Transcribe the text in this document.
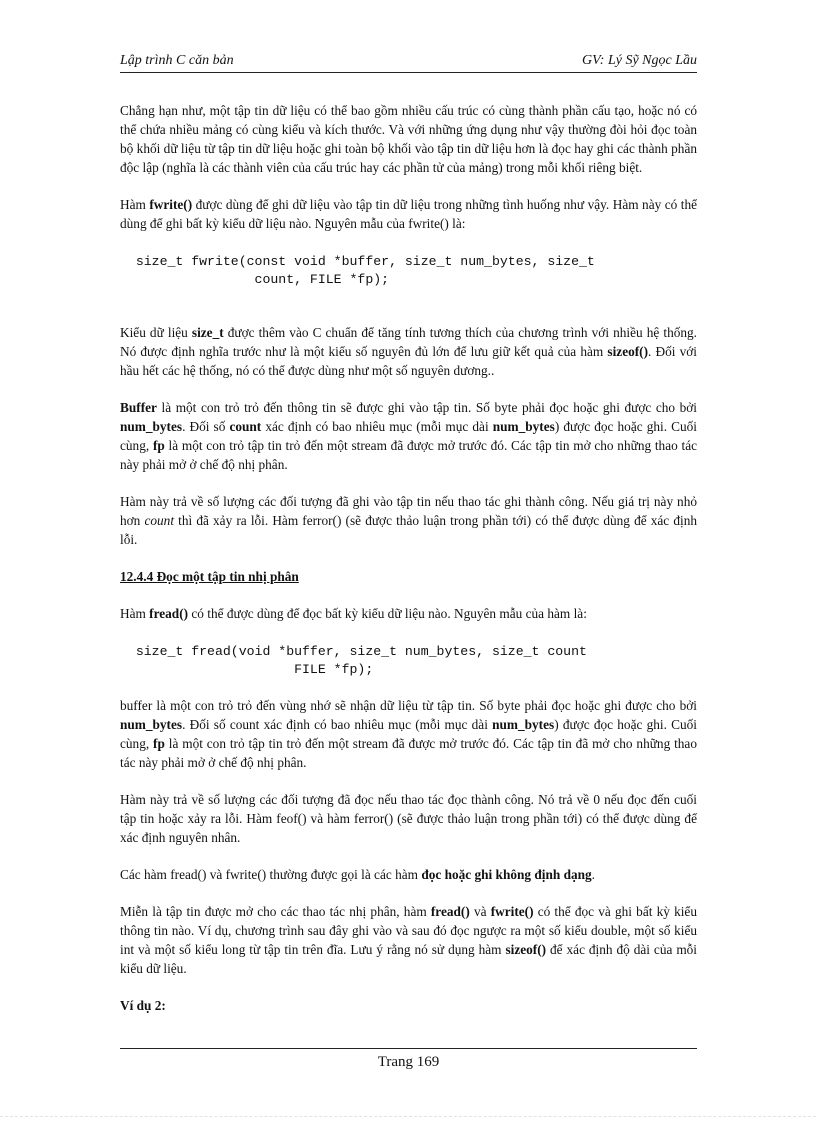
Lập trình C căn bản	GV: Lý Sỹ Ngọc Lầu

Chẳng hạn như, một tập tin dữ liệu có thể bao gồm nhiều cấu trúc có cùng thành phần cấu tạo, hoặc nó có thể chứa nhiều mảng có cùng kiểu và kích thước. Và với những ứng dụng như vậy thường đòi hỏi đọc toàn bộ khối dữ liệu từ tập tin dữ liệu hoặc ghi toàn bộ khối vào tập tin dữ liệu hơn là đọc hay ghi các thành phần độc lập (nghĩa là các thành viên của cấu trúc hay các phần tử của mảng) trong mỗi khối riêng biệt.

Hàm fwrite() được dùng để ghi dữ liệu vào tập tin dữ liệu trong những tình huống như vậy. Hàm này có thể dùng để ghi bất kỳ kiểu dữ liệu nào. Nguyên mẫu của fwrite() là:

size_t fwrite(const void *buffer, size_t num_bytes, size_t
count, FILE *fp);

Kiểu dữ liệu size_t được thêm vào C chuẩn để tăng tính tương thích của chương trình với nhiều hệ thống. Nó được định nghĩa trước như là một kiểu số nguyên đủ lớn để lưu giữ kết quả của hàm sizeof(). Đối với hầu hết các hệ thống, nó có thể được dùng như một số nguyên dương..

Buffer là một con trỏ trỏ đến thông tin sẽ được ghi vào tập tin. Số byte phải đọc hoặc ghi được cho bởi num_bytes. Đối số count xác định có bao nhiêu mục (mỗi mục dài num_bytes) được đọc hoặc ghi. Cuối cùng, fp là một con trỏ tập tin trỏ đến một stream đã được mở trước đó. Các tập tin mở cho những thao tác này phải mở ở chế độ nhị phân.

Hàm này trả về số lượng các đối tượng đã ghi vào tập tin nếu thao tác ghi thành công. Nếu giá trị này nhỏ hơn count thì đã xảy ra lỗi. Hàm ferror() (sẽ được thảo luận trong phần tới) có thể được dùng để xác định lỗi.

12.4.4 Đọc một tập tin nhị phân

Hàm fread() có thể được dùng để đọc bất kỳ kiểu dữ liệu nào. Nguyên mẫu của hàm là:

size_t fread(void *buffer, size_t num_bytes, size_t count
FILE *fp);

buffer là một con trỏ trỏ đến vùng nhớ sẽ nhận dữ liệu từ tập tin. Số byte phải đọc hoặc ghi được cho bởi num_bytes. Đối số count xác định có bao nhiêu mục (mỗi mục dài num_bytes) được đọc hoặc ghi. Cuối cùng, fp là một con trỏ tập tin trỏ đến một stream đã được mở trước đó. Các tập tin đã mở cho những thao tác này phải mở ở chế độ nhị phân.

Hàm này trả về số lượng các đối tượng đã đọc nếu thao tác đọc thành công. Nó trả về 0 nếu đọc đến cuối tập tin hoặc xảy ra lỗi. Hàm feof() và hàm ferror() (sẽ được thảo luận trong phần tới) có thể được dùng để xác định nguyên nhân.

Các hàm fread() và fwrite() thường được gọi là các hàm đọc hoặc ghi không định dạng.

Miễn là tập tin được mở cho các thao tác nhị phân, hàm fread() và fwrite() có thể đọc và ghi bất kỳ kiểu thông tin nào. Ví dụ, chương trình sau đây ghi vào và sau đó đọc ngược ra một số kiểu double, một số kiểu int và một số kiểu long từ tập tin trên đĩa. Lưu ý rằng nó sử dụng hàm sizeof() để xác định độ dài của mỗi kiểu dữ liệu.

Ví dụ 2:

Trang 169
